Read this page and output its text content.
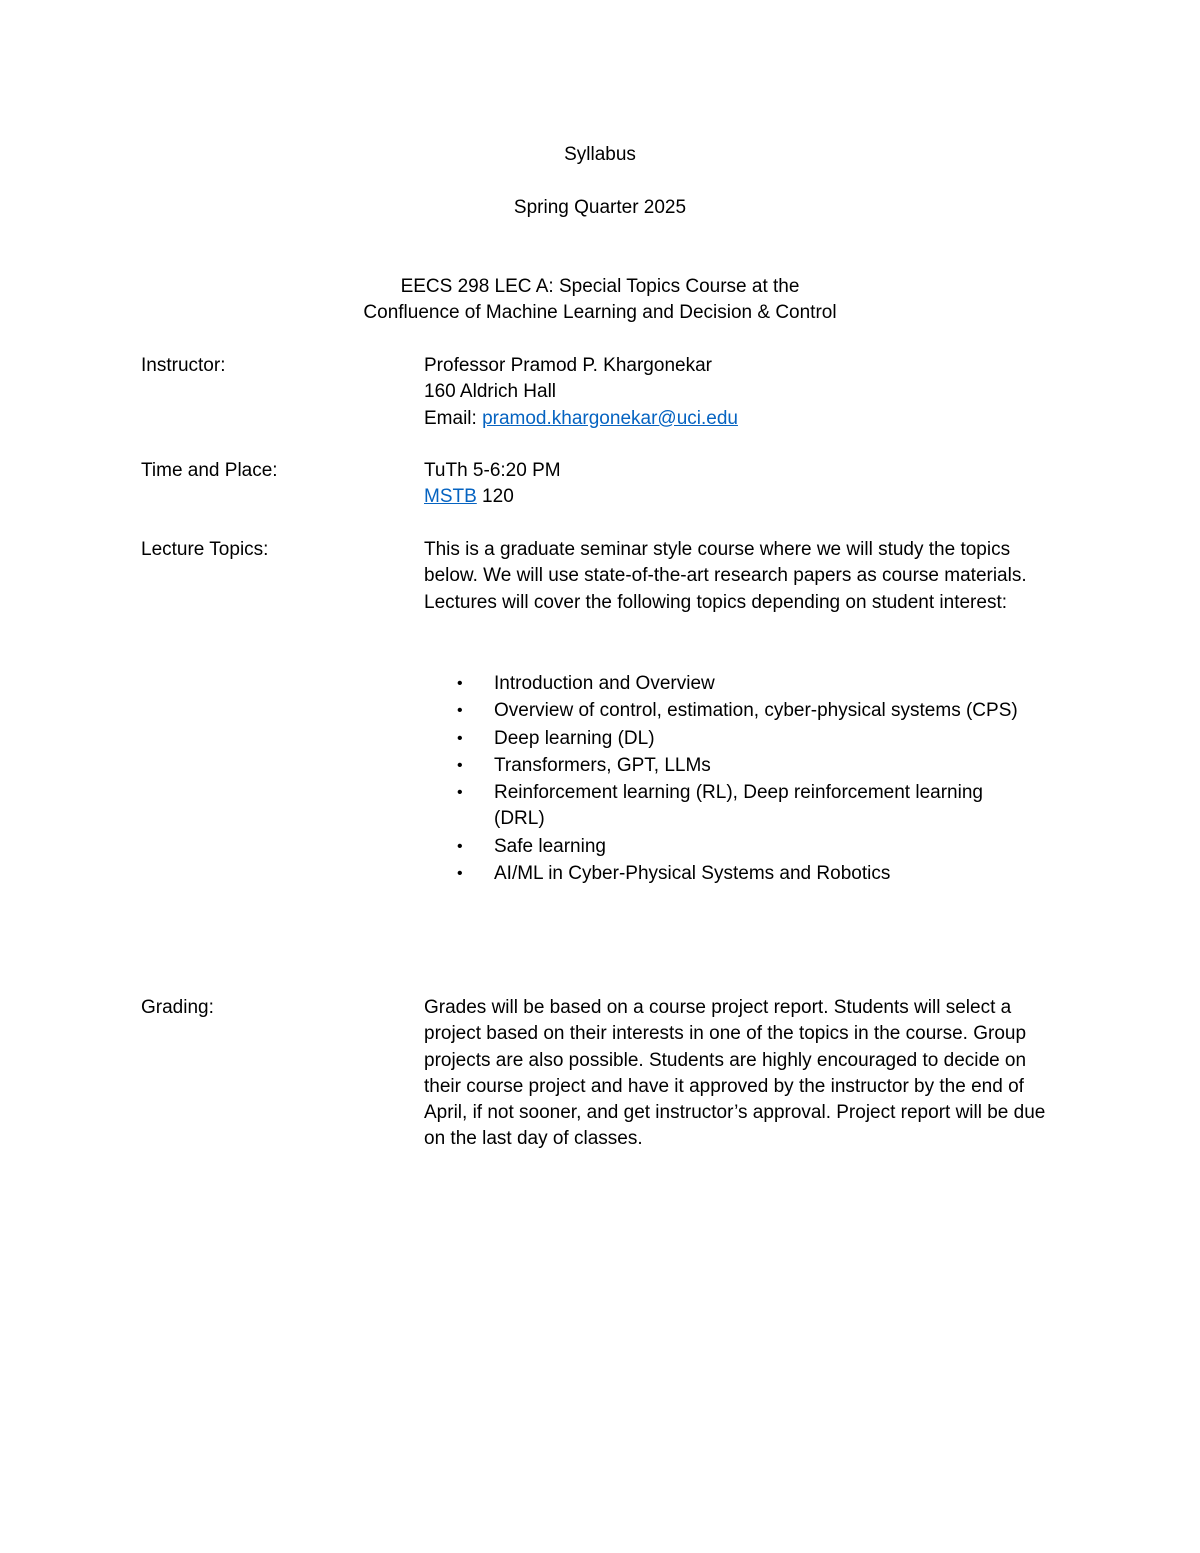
Syllabus
Spring Quarter 2025
EECS 298 LEC A: Special Topics Course at the
Confluence of Machine Learning and Decision & Control
Instructor:	Professor Pramod P. Khargonekar
160 Aldrich Hall
Email: pramod.khargonekar@uci.edu
Time and Place:	TuTh 5-6:20 PM
MSTB 120
Lecture Topics:	This is a graduate seminar style course where we will study the topics below. We will use state-of-the-art research papers as course materials. Lectures will cover the following topics depending on student interest:

• Introduction and Overview
• Overview of control, estimation, cyber-physical systems (CPS)
• Deep learning (DL)
• Transformers, GPT, LLMs
• Reinforcement learning (RL), Deep reinforcement learning (DRL)
• Safe learning
• AI/ML in Cyber-Physical Systems and Robotics
Grading:	Grades will be based on a course project report. Students will select a project based on their interests in one of the topics in the course. Group projects are also possible. Students are highly encouraged to decide on their course project and have it approved by the instructor by the end of April, if not sooner, and get instructor’s approval. Project report will be due on the last day of classes.
